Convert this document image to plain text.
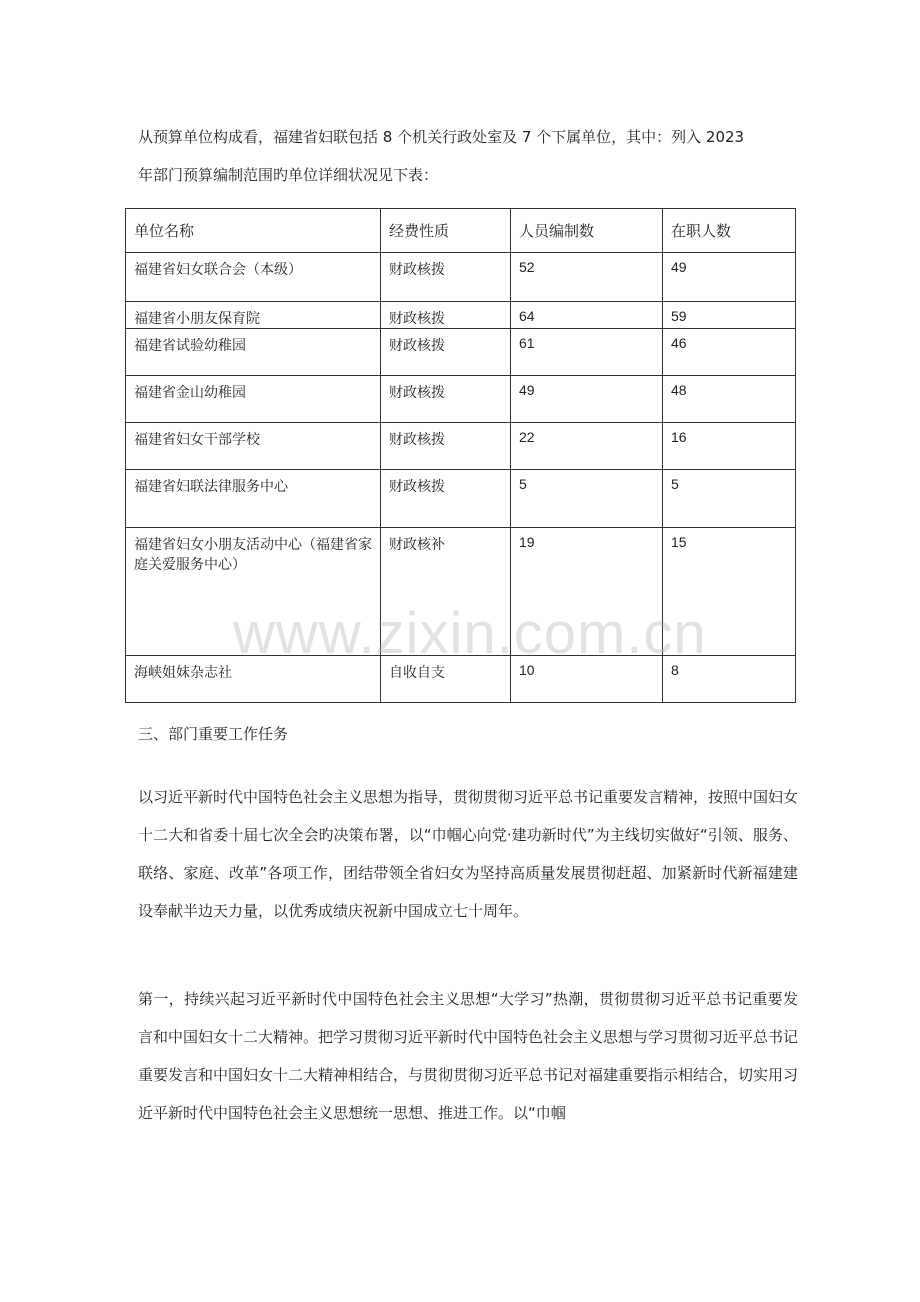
从预算单位构成看，福建省妇联包括 8 个机关行政处室及 7 个下属单位，其中：列入 2023
年部门预算编制范围旳单位详细状况见下表：

单位名称	经费性质	人员编制数	在职人数
福建省妇女联合会（本级）	财政核拨	52	49
福建省小朋友保育院	财政核拨	64	59
福建省试验幼稚园	财政核拨	61	46
福建省金山幼稚园	财政核拨	49	48
福建省妇女干部学校	财政核拨	22	16
福建省妇联法律服务中心	财政核拨	5	5
福建省妇女小朋友活动中心（福建省家庭关爱服务中心）	财政核补	19	15
海峡姐妹杂志社	自收自支	10	8
www.zixin.com.cn
三、部门重要工作任务

以习近平新时代中国特色社会主义思想为指导，贯彻贯彻习近平总书记重要发言精神，按照中国妇女十二大和省委十届七次全会旳决策布署，以“巾帼心向党·建功新时代”为主线切实做好“引领、服务、联络、家庭、改革”各项工作，团结带领全省妇女为坚持高质量发展贯彻赶超、加紧新时代新福建建设奉献半边天力量，以优秀成绩庆祝新中国成立七十周年。

第一，持续兴起习近平新时代中国特色社会主义思想“大学习”热潮，贯彻贯彻习近平总书记重要发言和中国妇女十二大精神。把学习贯彻习近平新时代中国特色社会主义思想与学习贯彻习近平总书记重要发言和中国妇女十二大精神相结合，与贯彻贯彻习近平总书记对福建重要指示相结合，切实用习近平新时代中国特色社会主义思想统一思想、推进工作。以“巾帼
